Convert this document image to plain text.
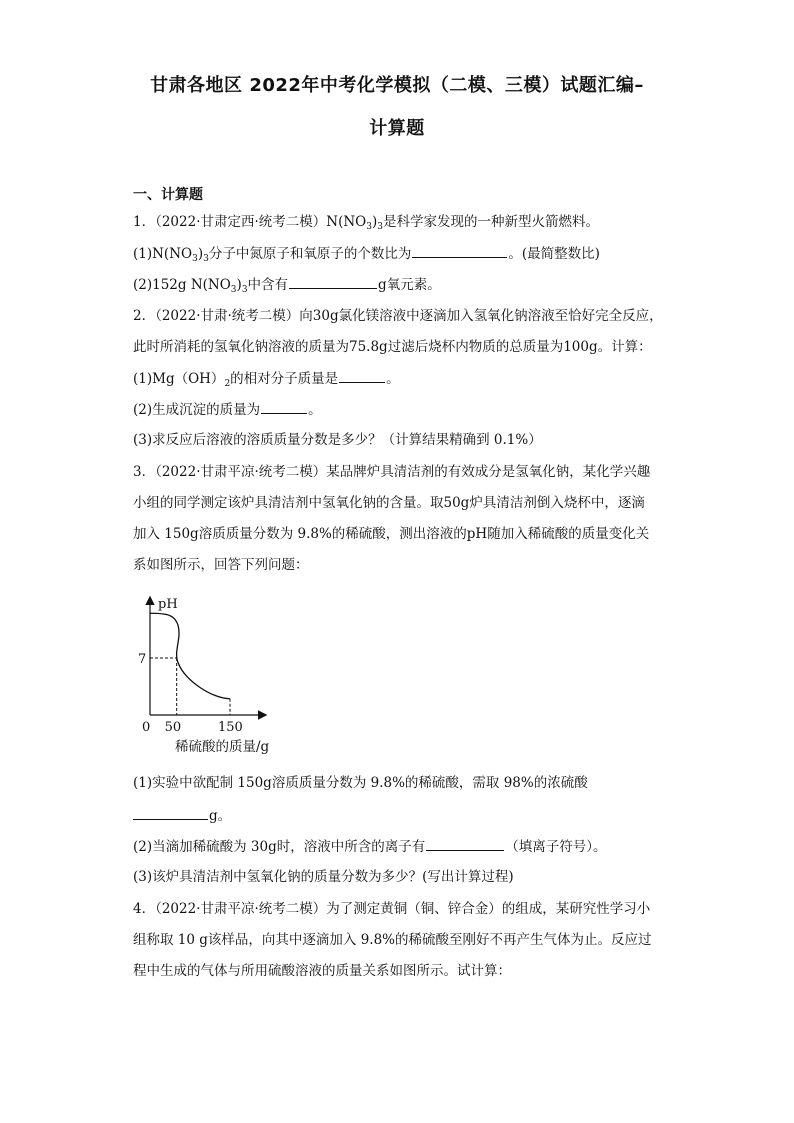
甘肃各地区 2022年中考化学模拟（二模、三模）试题汇编–
计算题
一、计算题
1．（2022·甘肃定西·统考二模）$N(NO_3)_3$是科学家发现的一种新型火箭燃料。
$(1)N(NO_3)_3$分子中氮原子和氧原子的个数比为	。(最简整数比)
(2)152g $N(NO_3)_3$中含有	g氧元素。
2．（2022·甘肃·统考二模）向30g氯化镁溶液中逐滴加入氢氧化钠溶液至恰好完全反应，
此时所消耗的氢氧化钠溶液的质量为75.8g过滤后烧杯内物质的总质量为100g。计算：
$(1)Mg(OH)_2$的相对分子质量是	。
(2)生成沉淀的质量为	。
(3)求反应后溶液的溶质质量分数是多少？（计算结果精确到 0.1%）
3．（2022·甘肃平凉·统考二模）某品牌炉具清洁剂的有效成分是氢氧化钠，某化学兴趣
小组的同学测定该炉具清洁剂中氢氧化钠的含量。取50g炉具清洁剂倒入烧杯中，逐滴
加入 150g溶质质量分数为 9.8%的稀硫酸，测出溶液的pH随加入稀硫酸的质量变化关
系如图所示，回答下列问题：
pH
0
7
50	150
稀硫酸的质量/g
(1)实验中欲配制 150g溶质质量分数为 9.8%的稀硫酸，需取 98%的浓硫酸
g。
(2)当滴加稀硫酸为 30g时，溶液中所含的离子有	（填离子符号）。
(3)该炉具清洁剂中氢氧化钠的质量分数为多少？(写出计算过程)
4．（2022·甘肃平凉·统考二模）为了测定黄铜（铜、锌合金）的组成，某研究性学习小
组称取 10 g该样品，向其中逐滴加入 9.8%的稀硫酸至刚好不再产生气体为止。反应过
程中生成的气体与所用硫酸溶液的质量关系如图所示。试计算：
